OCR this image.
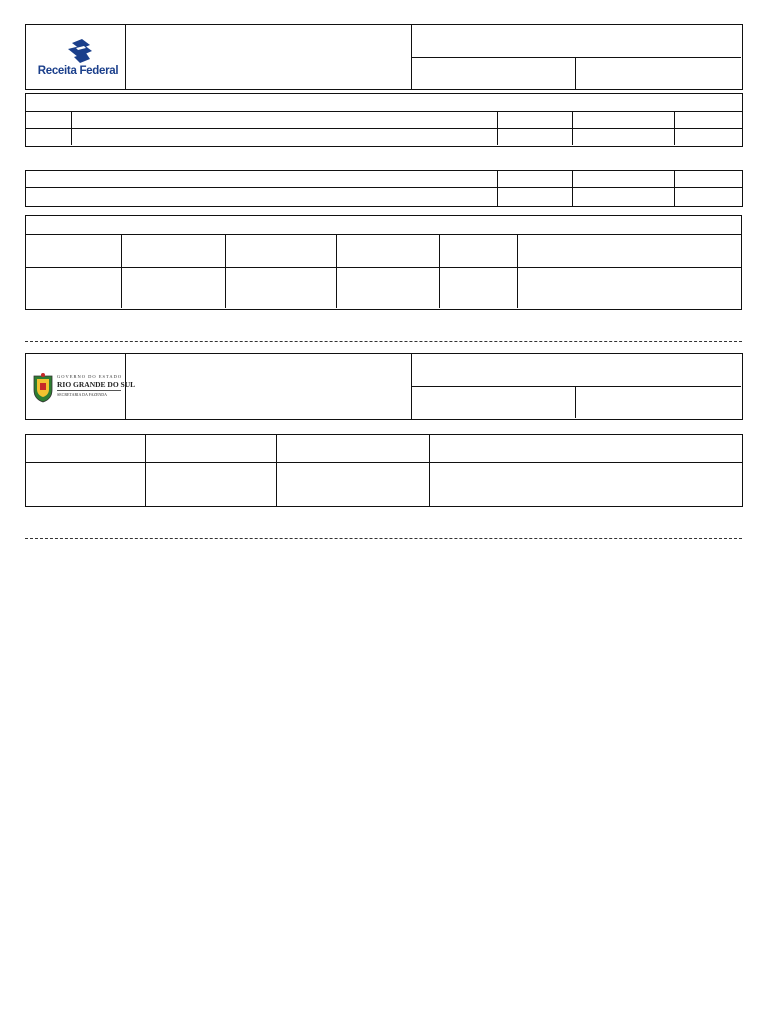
Receita Federal
GOVERNO DO ESTADO
RIO GRANDE DO SUL
SECRETARIA DA FAZENDA
